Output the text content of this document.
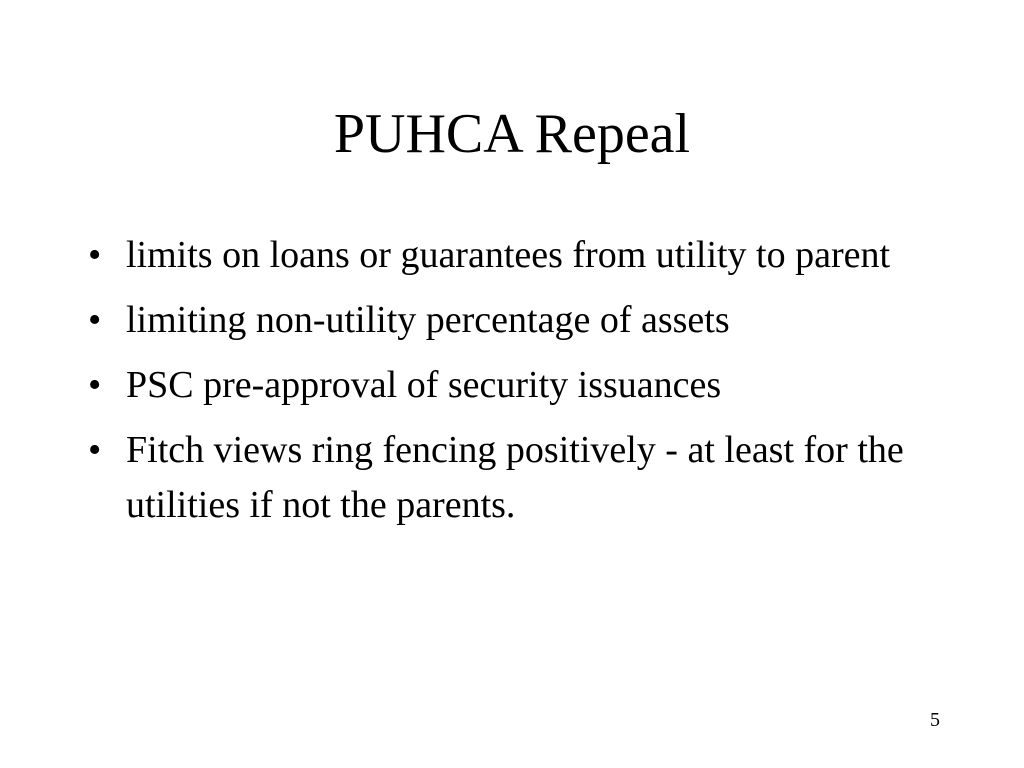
PUHCA Repeal
• limits on loans or guarantees from utility to parent
• limiting non-utility percentage of assets
• PSC pre-approval of security issuances
• Fitch views ring fencing positively - at least for the utilities if not the parents.
5
